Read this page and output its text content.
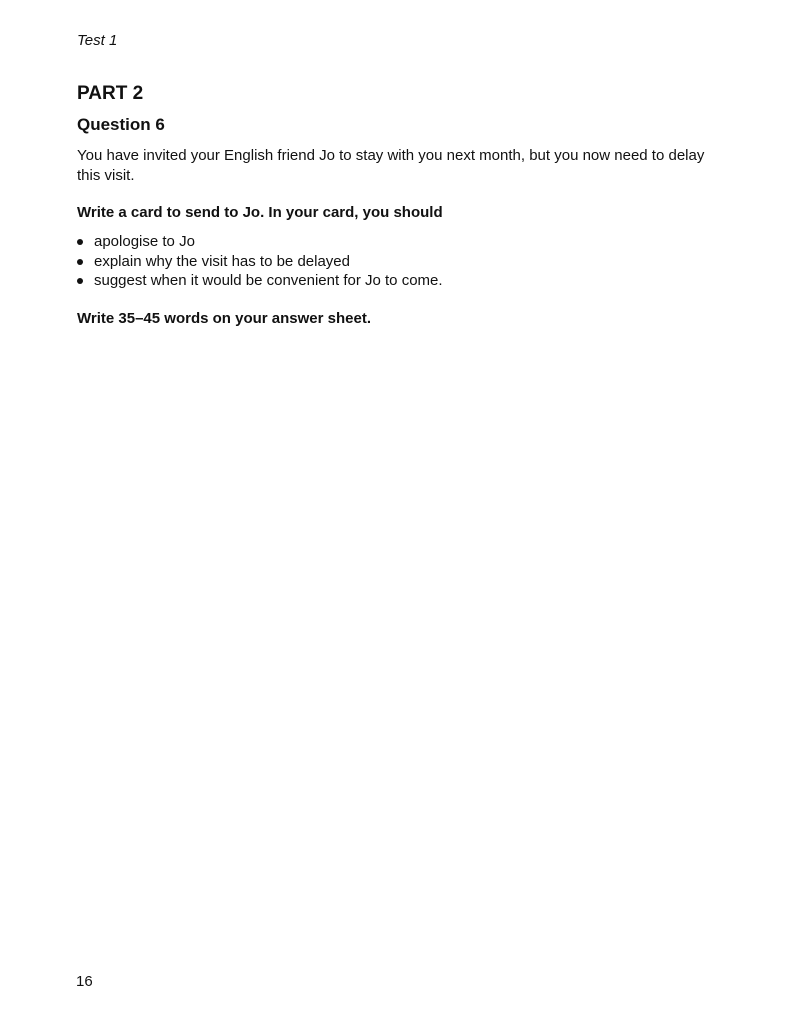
Test 1

PART 2
Question 6

You have invited your English friend Jo to stay with you next month, but you now need to delay this visit.

Write a card to send to Jo. In your card, you should

apologise to Jo
explain why the visit has to be delayed
suggest when it would be convenient for Jo to come.

Write 35–45 words on your answer sheet.

16
